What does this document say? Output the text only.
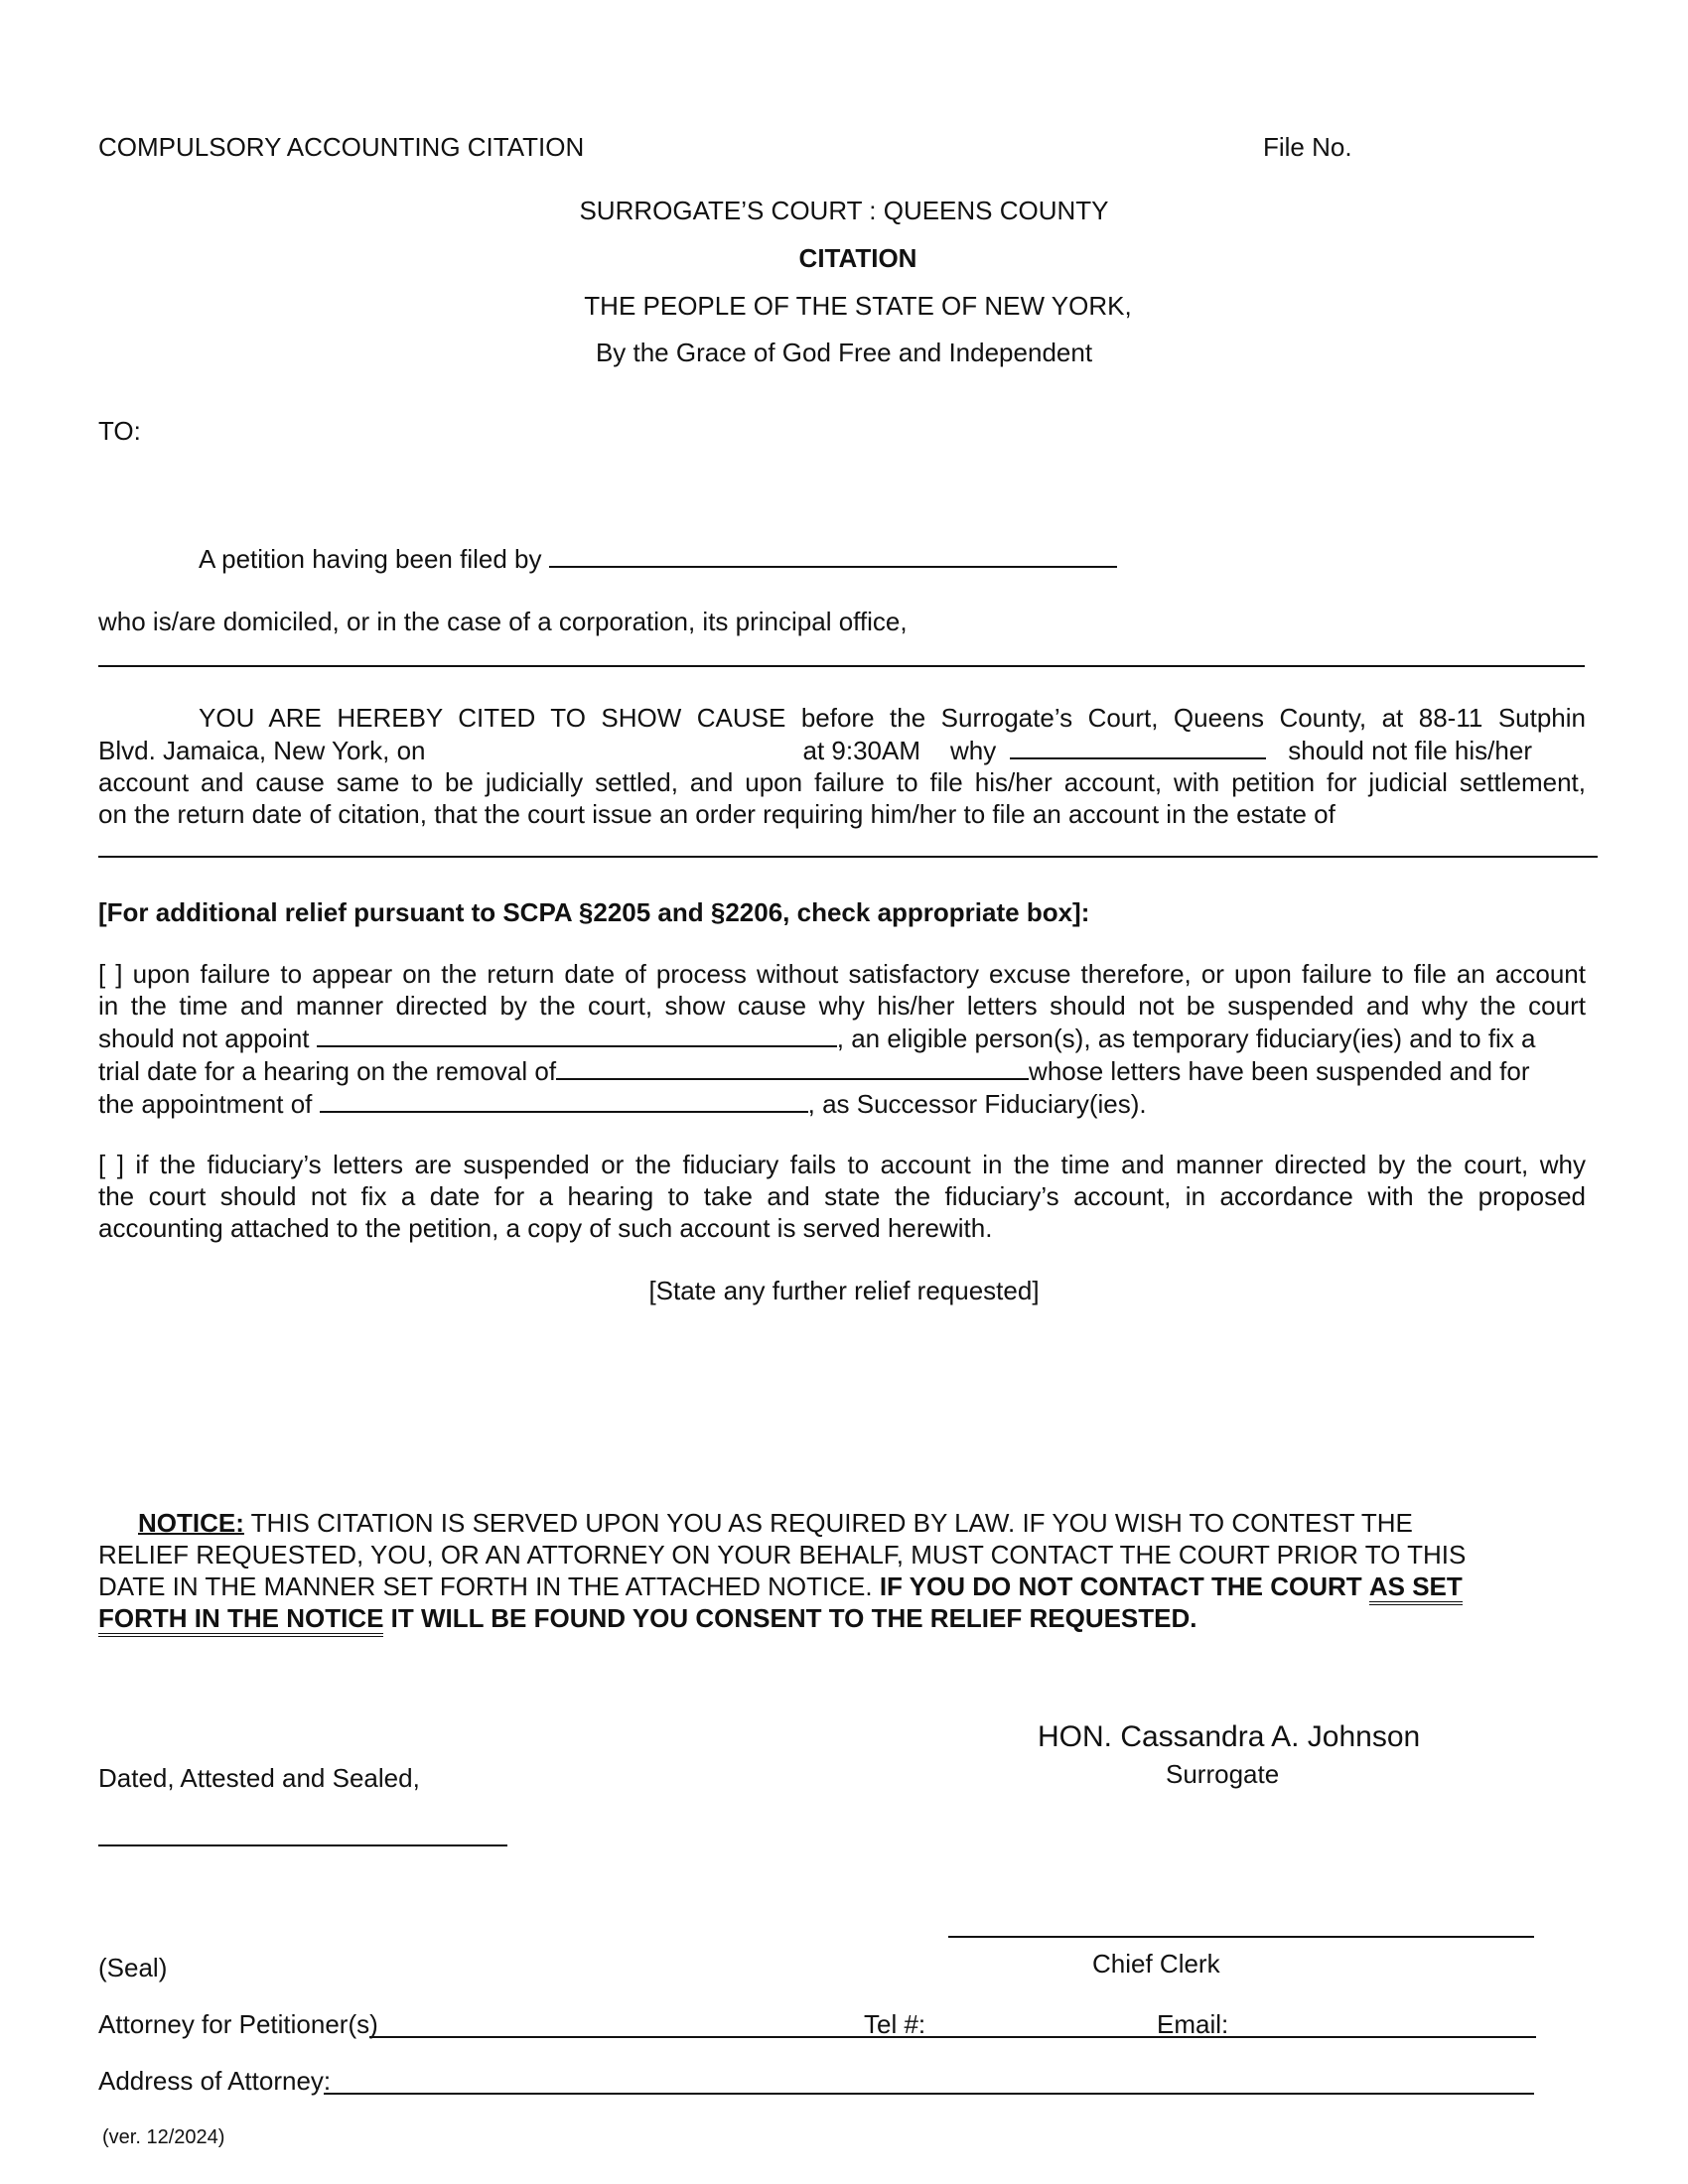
COMPULSORY ACCOUNTING CITATION	File No.
SURROGATE’S COURT : QUEENS COUNTY
CITATION
THE PEOPLE OF THE STATE OF NEW YORK,
By the Grace of God Free and Independent
TO:
A petition having been filed by
who is/are domiciled, or in the case of a corporation, its principal office,
YOU ARE HEREBY CITED TO SHOW CAUSE before the Surrogate’s Court, Queens County, at 88-11 Sutphin
Blvd. Jamaica, New York, on	at 9:30AM why	should not file his/her
account and cause same to be judicially settled, and upon failure to file his/her account, with petition for judicial settlement,
on the return date of citation, that the court issue an order requiring him/her to file an account in the estate of
[For additional relief pursuant to SCPA §2205 and §2206, check appropriate box]:
[ ] upon failure to appear on the return date of process without satisfactory excuse therefore, or upon failure to file an account
in the time and manner directed by the court, show cause why his/her letters should not be suspended and why the court
should not appoint	, an eligible person(s), as temporary fiduciary(ies) and to fix a
trial date for a hearing on the removal of	whose letters have been suspended and for
the appointment of	, as Successor Fiduciary(ies).
[ ] if the fiduciary’s letters are suspended or the fiduciary fails to account in the time and manner directed by the court, why
the court should not fix a date for a hearing to take and state the fiduciary’s account, in accordance with the proposed
accounting attached to the petition, a copy of such account is served herewith.
[State any further relief requested]
NOTICE: THIS CITATION IS SERVED UPON YOU AS REQUIRED BY LAW. IF YOU WISH TO CONTEST THE
RELIEF REQUESTED, YOU, OR AN ATTORNEY ON YOUR BEHALF, MUST CONTACT THE COURT PRIOR TO THIS
DATE IN THE MANNER SET FORTH IN THE ATTACHED NOTICE. IF YOU DO NOT CONTACT THE COURT AS SET
FORTH IN THE NOTICE IT WILL BE FOUND YOU CONSENT TO THE RELIEF REQUESTED.
HON. Cassandra A. Johnson
Surrogate
Dated, Attested and Sealed,
(Seal)	Chief Clerk
Attorney for Petitioner(s)	Tel #:	Email:
Address of Attorney:
(ver. 12/2024)
